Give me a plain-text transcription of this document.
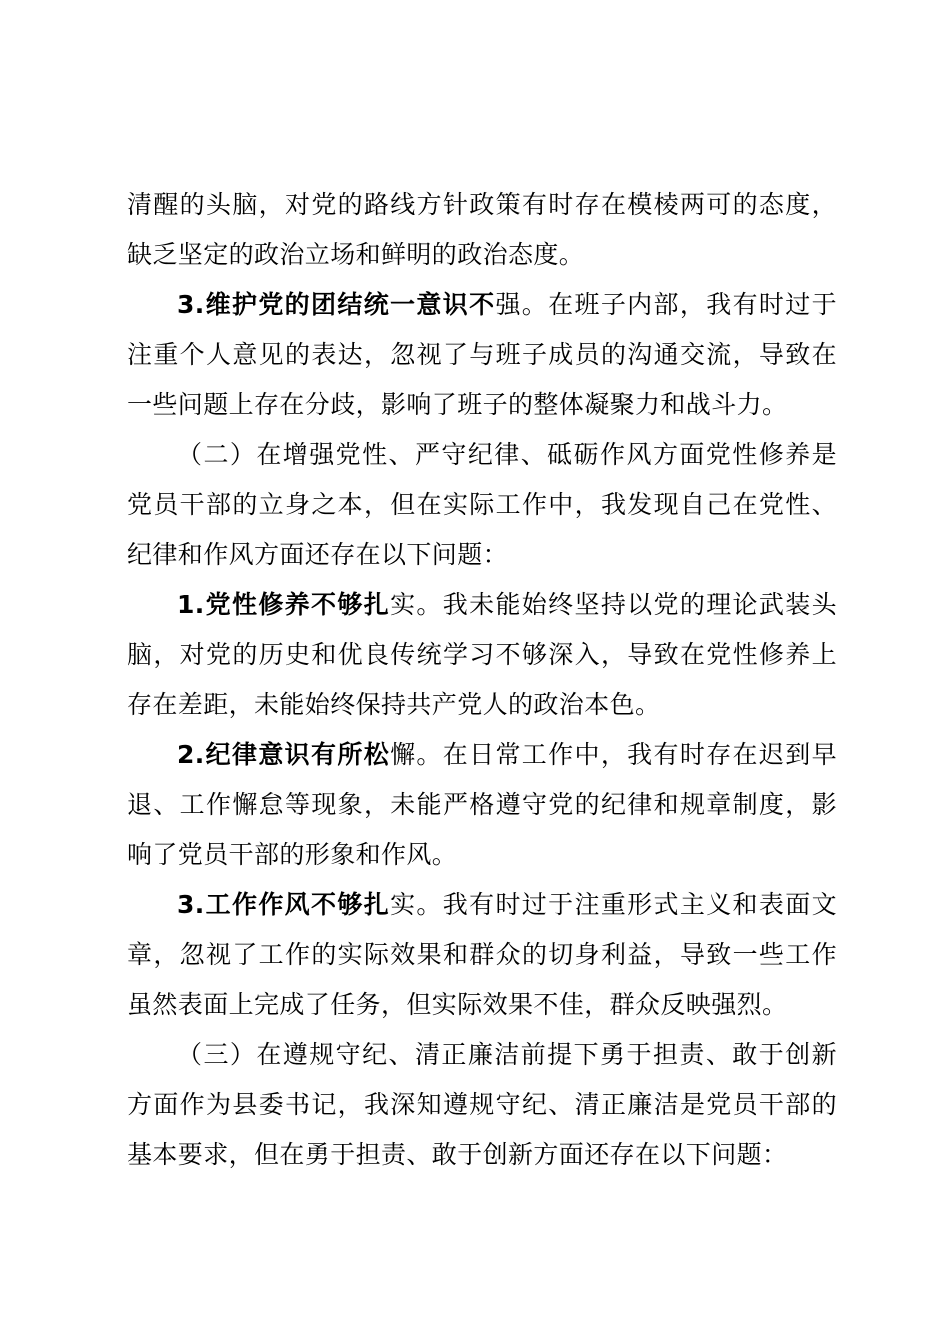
清醒的头脑，对党的路线方针政策有时存在模棱两可的态度，缺乏坚定的政治立场和鲜明的政治态度。

3.维护党的团结统一意识不强。在班子内部，我有时过于注重个人意见的表达，忽视了与班子成员的沟通交流，导致在一些问题上存在分歧，影响了班子的整体凝聚力和战斗力。

（二）在增强党性、严守纪律、砥砺作风方面党性修养是党员干部的立身之本，但在实际工作中，我发现自己在党性、纪律和作风方面还存在以下问题：

1.党性修养不够扎实。我未能始终坚持以党的理论武装头脑，对党的历史和优良传统学习不够深入，导致在党性修养上存在差距，未能始终保持共产党人的政治本色。

2.纪律意识有所松懈。在日常工作中，我有时存在迟到早退、工作懈怠等现象，未能严格遵守党的纪律和规章制度，影响了党员干部的形象和作风。

3.工作作风不够扎实。我有时过于注重形式主义和表面文章，忽视了工作的实际效果和群众的切身利益，导致一些工作虽然表面上完成了任务，但实际效果不佳，群众反映强烈。

（三）在遵规守纪、清正廉洁前提下勇于担责、敢于创新方面作为县委书记，我深知遵规守纪、清正廉洁是党员干部的基本要求，但在勇于担责、敢于创新方面还存在以下问题：
